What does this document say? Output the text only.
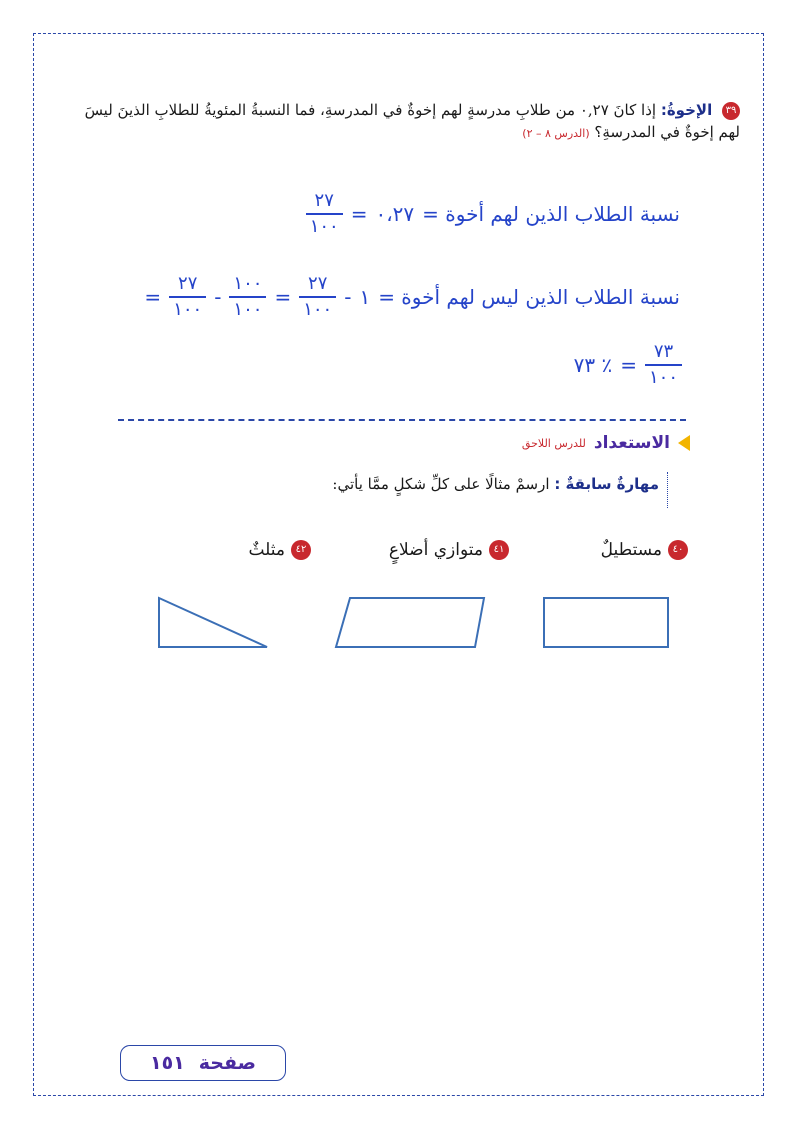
٣٩ الإخوةُ: إذا كانَ ٠,٢٧ من طلابِ مدرسةٍ لهم إخوةٌ في المدرسةِ، فما النسبةُ المئويةُ للطلابِ الذينَ ليسَ لهم إخوةٌ في المدرسةِ؟ (الدرس ٨ – ٢)
نسبة الطلاب الذين لهم أخوة =
٠،٢٧
=
$\frac{٢٧}{١٠٠}$
نسبة الطلاب الذين ليس لهم أخوة =
١
-
$\frac{٢٧}{١٠٠}$
=
$\frac{١٠٠}{١٠٠}$
-
$\frac{٢٧}{١٠٠}$
=
$\frac{٧٣}{١٠٠}$
=
٪ ٧٣
الاستعداد
للدرس اللاحق
مهارةٌ سابقةٌ : ارسمْ مثالًا على كلِّ شكلٍ ممَّا يأتي:
٤٠
مستطيلٌ
٤١
متوازي أضلاعٍ
٤٢
مثلثٌ
صفحة
١٥١
